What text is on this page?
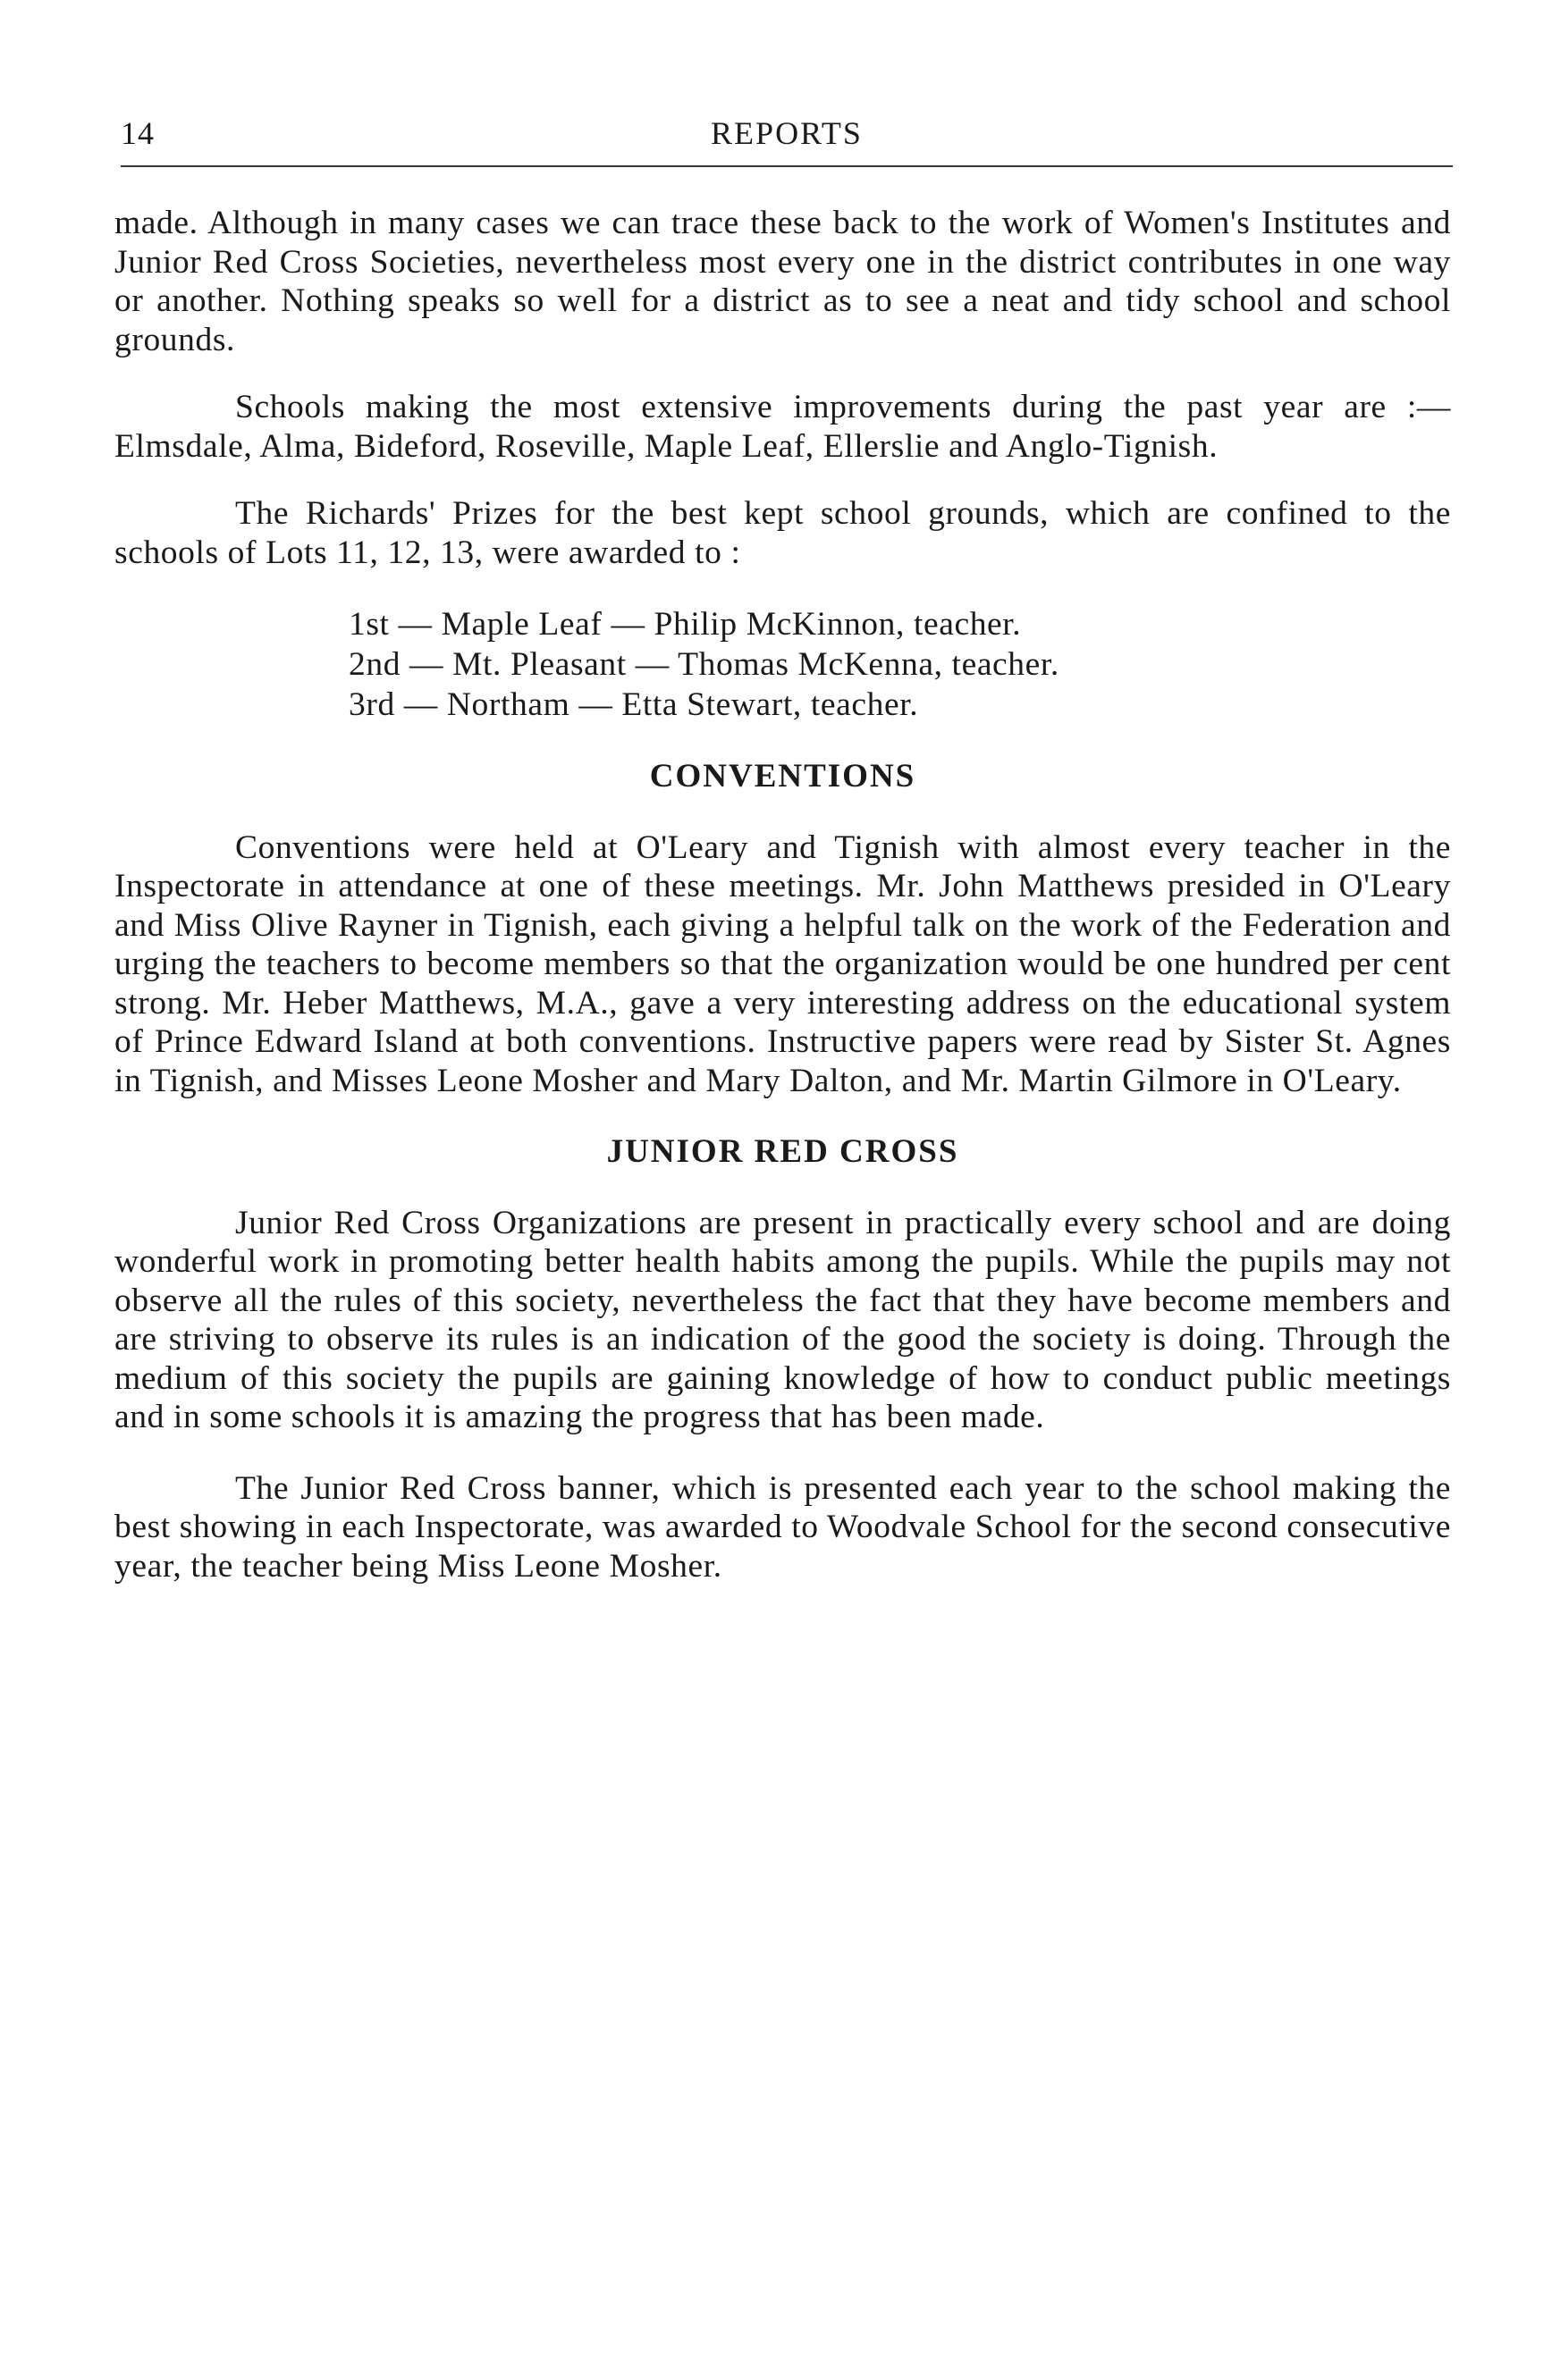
14	REPORTS

made. Although in many cases we can trace these back to the work of Women's Institutes and Junior Red Cross Societies, nevertheless most every one in the district contributes in one way or another. Nothing speaks so well for a district as to see a neat and tidy school and school grounds.

Schools making the most extensive improvements during the past year are :— Elmsdale, Alma, Bideford, Roseville, Maple Leaf, Ellerslie and Anglo-Tignish.

The Richards' Prizes for the best kept school grounds, which are confined to the schools of Lots 11, 12, 13, were awarded to :

1st — Maple Leaf — Philip McKinnon, teacher.
2nd — Mt. Pleasant — Thomas McKenna, teacher.
3rd — Northam — Etta Stewart, teacher.
CONVENTIONS

Conventions were held at O'Leary and Tignish with almost every teacher in the Inspectorate in attendance at one of these meetings. Mr. John Matthews presided in O'Leary and Miss Olive Rayner in Tignish, each giving a helpful talk on the work of the Federation and urging the teachers to become members so that the organization would be one hundred per cent strong. Mr. Heber Matthews, M.A., gave a very interesting address on the educational system of Prince Edward Island at both conventions. Instructive papers were read by Sister St. Agnes in Tignish, and Misses Leone Mosher and Mary Dalton, and Mr. Martin Gilmore in O'Leary.

JUNIOR RED CROSS

Junior Red Cross Organizations are present in practically every school and are doing wonderful work in promoting better health habits among the pupils. While the pupils may not observe all the rules of this society, nevertheless the fact that they have become members and are striving to observe its rules is an indication of the good the society is doing. Through the medium of this society the pupils are gaining knowledge of how to conduct public meetings and in some schools it is amazing the progress that has been made.

The Junior Red Cross banner, which is presented each year to the school making the best showing in each Inspectorate, was awarded to Woodvale School for the second consecutive year, the teacher being Miss Leone Mosher.
